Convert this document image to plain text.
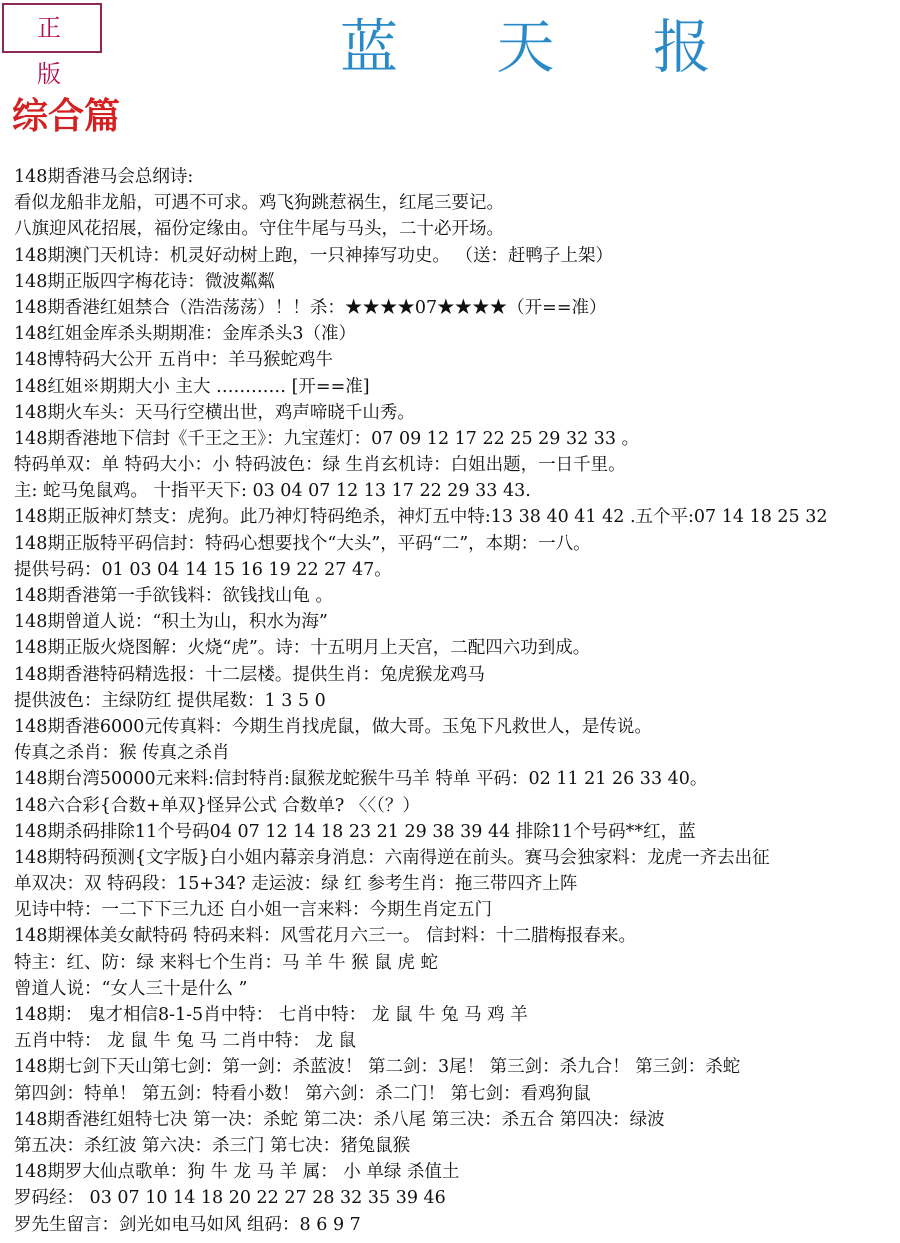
正 版	蓝 天 报
综合篇
148期香港马会总纲诗:
看似龙船非龙船，可遇不可求。鸡飞狗跳惹祸生，红尾三要记。
八旗迎风花招展，福份定缘由。守住牛尾与马头，二十必开场。
148期澳门天机诗：机灵好动树上跑，一只神捧写功史。 （送：赶鸭子上架）
148期正版四字梅花诗：微波粼粼
148期香港红姐禁合（浩浩荡荡）！！杀：★★★★07★★★★（开==准）
148红姐金库杀头期期准：金库杀头3（准）
148博特码大公开 五肖中：羊马猴蛇鸡牛
148红姐※期期大小 主大 ………… [开==准]
148期火车头：天马行空横出世，鸡声啼晓千山秀。
148期香港地下信封《千王之王》：九宝莲灯：07 09 12 17 22 25 29 32 33 。
特码单双：单 特码大小：小 特码波色：绿 生肖玄机诗：白姐出题，一日千里。
主: 蛇马兔鼠鸡。 十指平天下: 03 04 07 12 13 17 22 29 33 43.
148期正版神灯禁支：虎狗。此乃神灯特码绝杀，神灯五中特:13 38 40 41 42 .五个平:07 14 18 25 32
148期正版特平码信封：特码心想要找个“大头”，平码“二”，本期：一八。
提供号码：01 03 04 14 15 16 19 22 27 47。
148期香港第一手欲钱料：欲钱找山龟 。
148期曾道人说：“积土为山，积水为海”
148期正版火烧图解：火烧“虎”。诗：十五明月上天宫，二配四六功到成。
148期香港特码精选报：十二层楼。提供生肖：兔虎猴龙鸡马
提供波色：主绿防红 提供尾数：1 3 5 0
148期香港6000元传真料：今期生肖找虎鼠，做大哥。玉兔下凡救世人，是传说。
传真之杀肖：猴 传真之杀肖
148期台湾50000元来料:信封特肖:鼠猴龙蛇猴牛马羊 特单 平码：02 11 21 26 33 40。
148六合彩{合数+单双}怪异公式 合数单? 〈〈（？）
148期杀码排除11个号码04 07 12 14 18 23 21 29 38 39 44 排除11个号码**红，蓝
148期特码预测{文字版}白小姐内幕亲身消息：六南得逆在前头。赛马会独家料：龙虎一齐去出征
单双决：双 特码段：15+34? 走运波：绿 红 参考生肖：拖三带四齐上阵
见诗中特：一二下下三九还 白小姐一言来料：今期生肖定五门
148期裸体美女献特码 特码来料：风雪花月六三一。 信封料：十二腊梅报春来。
特主：红、防：绿 来料七个生肖：马 羊 牛 猴 鼠 虎 蛇
曾道人说：“女人三十是什么 ”
148期： 鬼才相信8-1-5肖中特： 七肖中特： 龙 鼠 牛 兔 马 鸡 羊
五肖中特： 龙 鼠 牛 兔 马 二肖中特： 龙 鼠
148期七剑下天山第七剑：第一剑：杀蓝波！ 第二剑：3尾！ 第三剑：杀九合！ 第三剑：杀蛇
第四剑：特单！ 第五剑：特看小数！ 第六剑：杀二门！ 第七剑：看鸡狗鼠
148期香港红姐特七决 第一决：杀蛇 第二决：杀八尾 第三决：杀五合 第四决：绿波
第五决：杀红波 第六决：杀三门 第七决：猪兔鼠猴
148期罗大仙点歌单：狗 牛 龙 马 羊 属： 小 单绿 杀值土
罗码经： 03 07 10 14 18 20 22 27 28 32 35 39 46
罗先生留言：剑光如电马如风 组码：8 6 9 7
